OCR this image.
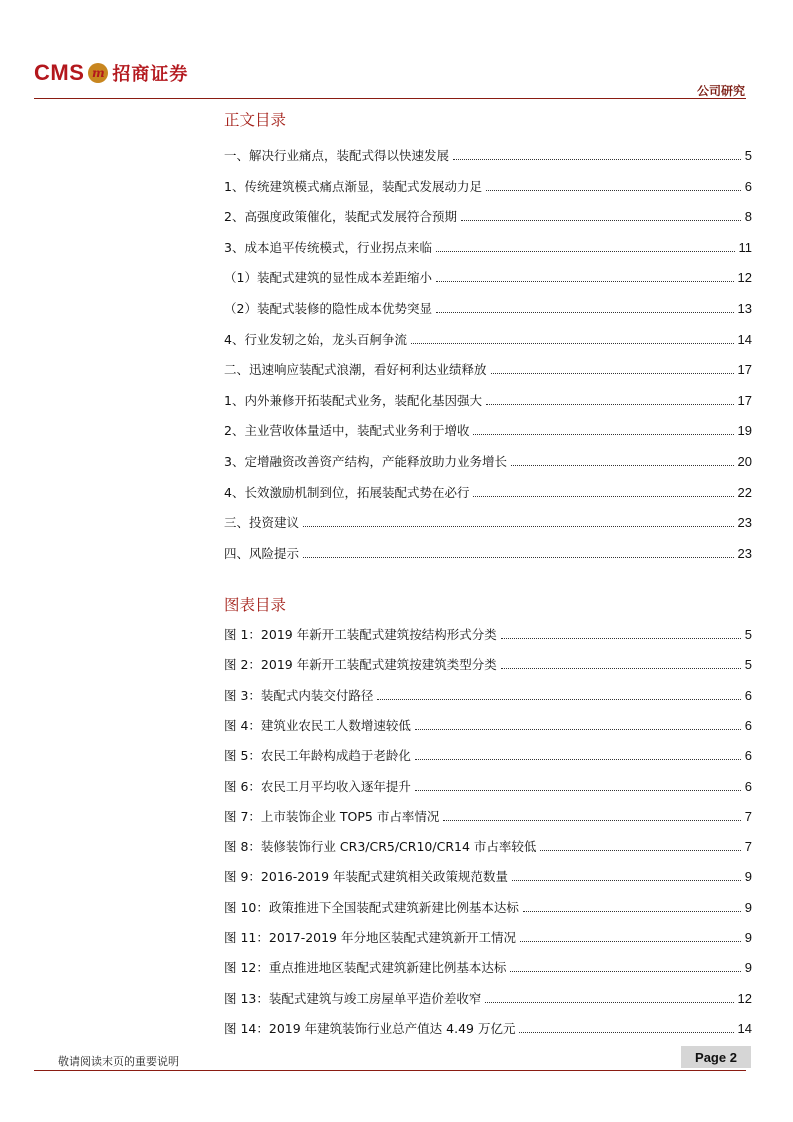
CMS m 招商证券
公司研究
正文目录
一、解决行业痛点，装配式得以快速发展	5
1、传统建筑模式痛点渐显，装配式发展动力足	6
2、高强度政策催化，装配式发展符合预期	8
3、成本追平传统模式，行业拐点来临	11
（1）装配式建筑的显性成本差距缩小	12
（2）装配式装修的隐性成本优势突显	13
4、行业发轫之始，龙头百舸争流	14
二、迅速响应装配式浪潮，看好柯利达业绩释放	17
1、内外兼修开拓装配式业务，装配化基因强大	17
2、主业营收体量适中，装配式业务利于增收	19
3、定增融资改善资产结构，产能释放助力业务增长	20
4、长效激励机制到位，拓展装配式势在必行	22
三、投资建议	23
四、风险提示	23
图表目录
图 1：2019 年新开工装配式建筑按结构形式分类	5
图 2：2019 年新开工装配式建筑按建筑类型分类	5
图 3：装配式内装交付路径	6
图 4：建筑业农民工人数增速较低	6
图 5：农民工年龄构成趋于老龄化	6
图 6：农民工月平均收入逐年提升	6
图 7：上市装饰企业 TOP5 市占率情况	7
图 8：装修装饰行业 CR3/CR5/CR10/CR14 市占率较低	7
图 9：2016-2019 年装配式建筑相关政策规范数量	9
图 10：政策推进下全国装配式建筑新建比例基本达标	9
图 11：2017-2019 年分地区装配式建筑新开工情况	9
图 12：重点推进地区装配式建筑新建比例基本达标	9
图 13：装配式建筑与竣工房屋单平造价差收窄	12
图 14：2019 年建筑装饰行业总产值达 4.49 万亿元	14
敬请阅读末页的重要说明	Page 2
